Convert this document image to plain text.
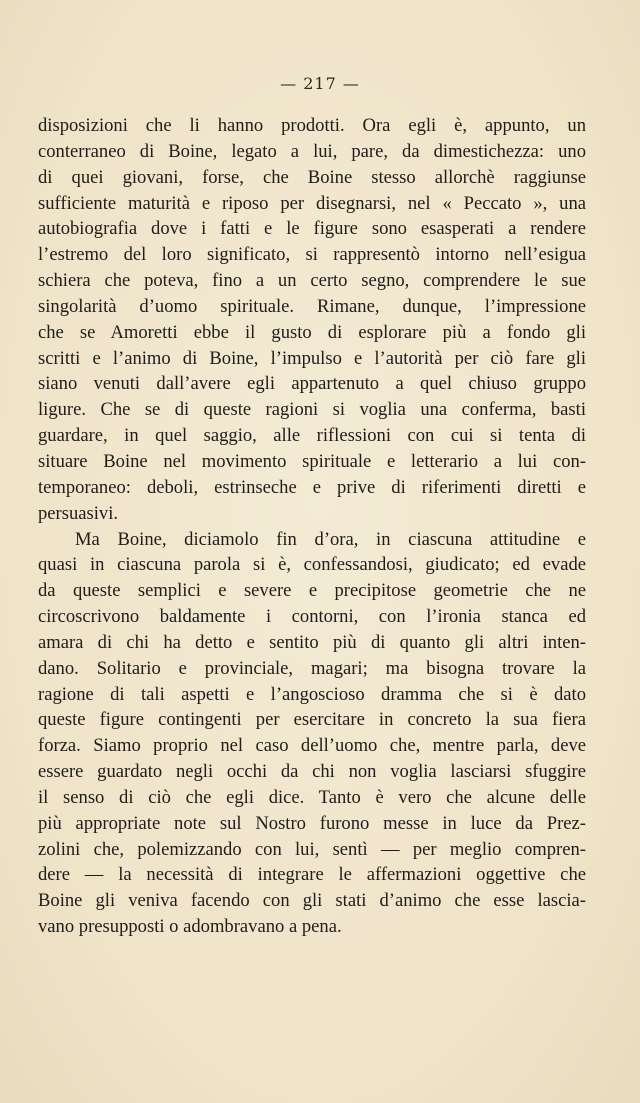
— 217 —
disposizioni che li hanno prodotti. Ora egli è, appunto, un
conterraneo di Boine, legato a lui, pare, da dimestichezza: uno
di quei giovani, forse, che Boine stesso allorchè raggiunse
sufficiente maturità e riposo per disegnarsi, nel « Peccato », una
autobiografia dove i fatti e le figure sono esasperati a rendere
l’estremo del loro significato, si rappresentò intorno nell’esigua
schiera che poteva, fino a un certo segno, comprendere le sue
singolarità d’uomo spirituale. Rimane, dunque, l’impressione
che se Amoretti ebbe il gusto di esplorare più a fondo gli
scritti e l’animo di Boine, l’impulso e l’autorità per ciò fare gli
siano venuti dall’avere egli appartenuto a quel chiuso gruppo
ligure. Che se di queste ragioni si voglia una conferma, basti
guardare, in quel saggio, alle riflessioni con cui si tenta di
situare Boine nel movimento spirituale e letterario a lui con-
temporaneo: deboli, estrinseche e prive di riferimenti diretti e
persuasivi.
Ma Boine, diciamolo fin d’ora, in ciascuna attitudine e
quasi in ciascuna parola si è, confessandosi, giudicato; ed evade
da queste semplici e severe e precipitose geometrie che ne
circoscrivono baldamente i contorni, con l’ironia stanca ed
amara di chi ha detto e sentito più di quanto gli altri inten-
dano. Solitario e provinciale, magari; ma bisogna trovare la
ragione di tali aspetti e l’angoscioso dramma che si è dato
queste figure contingenti per esercitare in concreto la sua fiera
forza. Siamo proprio nel caso dell’uomo che, mentre parla, deve
essere guardato negli occhi da chi non voglia lasciarsi sfuggire
il senso di ciò che egli dice. Tanto è vero che alcune delle
più appropriate note sul Nostro furono messe in luce da Prez-
zolini che, polemizzando con lui, sentì — per meglio compren-
dere — la necessità di integrare le affermazioni oggettive che
Boine gli veniva facendo con gli stati d’animo che esse lascia-
vano presupposti o adombravano a pena.
